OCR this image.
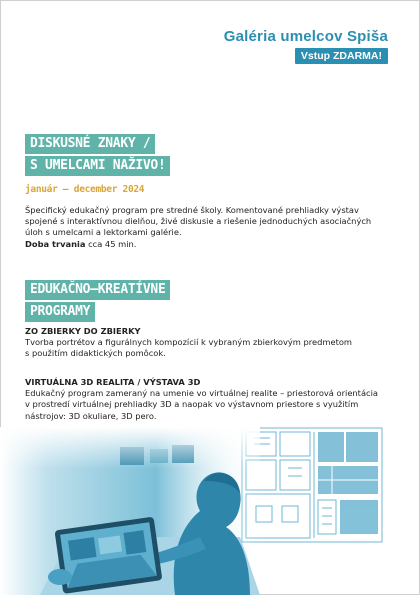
Galéria umelcov Spiša
Vstup ZDARMA!
DISKUSNÉ ZNAKY /
S UMELCAMI NAŽIVO!
január – december 2024
Špecifický edukačný program pre stredné školy. Komentované prehliadky výstav
spojené s interaktívnou dielňou, živé diskusie a riešenie jednoduchých asociačných
úloh s umelcami a lektorkami galérie.
Doba trvania cca 45 min.
EDUKAČNO–KREATÍVNE
PROGRAMY
ZO ZBIERKY DO ZBIERKY
Tvorba portrétov a figurálnych kompozícií k vybraným zbierkovým predmetom
s použitím didaktických pomôcok.
VIRTUÁLNA 3D REALITA / VÝSTAVA 3D
Edukačný program zameraný na umenie vo virtuálnej realite – priestorová orientácia
v prostredí virtuálnej prehliadky 3D a naopak vo výstavnom priestore s využitím
nástrojov: 3D okuliare, 3D pero.
